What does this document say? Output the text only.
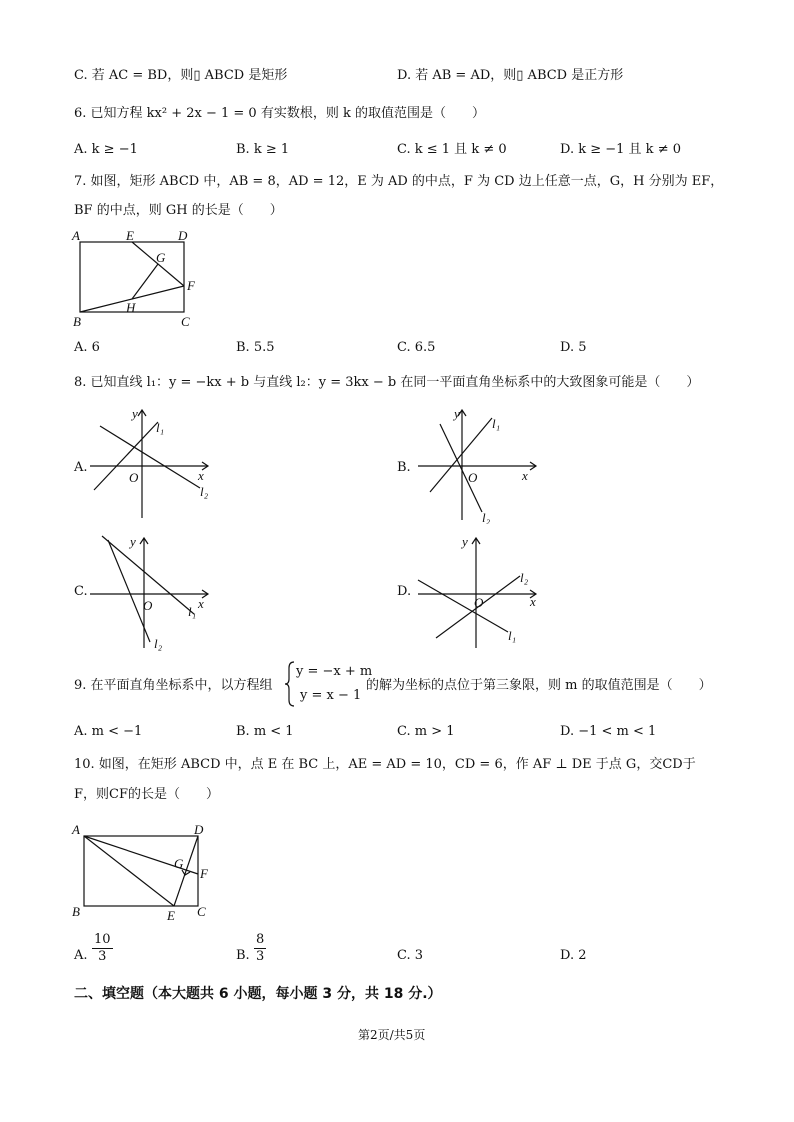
C. 若 AC = BD，则▯ ABCD 是矩形	D. 若 AB = AD，则▯ ABCD 是正方形
6. 已知方程 kx² + 2x − 1 = 0 有实数根，则 k 的取值范围是（　　）
A. k ≥ −1	B. k ≥ 1	C. k ≤ 1 且 k ≠ 0	D. k ≥ −1 且 k ≠ 0
7. 如图，矩形 ABCD 中，AB = 8，AD = 12，E 为 AD 的中点，F 为 CD 边上任意一点，G，H 分别为 EF，
BF 的中点，则 GH 的长是（　　）
A	E	D
G
F
B
H
C
A. 6	B. 5.5	C. 6.5	D. 5
8. 已知直线 l₁：y = −kx + b 与直线 l₂：y = 3kx − b 在同一平面直角坐标系中的大致图象可能是（　　）
A.
y
x
O
l₁
l₂
B.
y
x
O
l₁
l₂
C.
y
x
O	l₁
l₂
D.
y
x
O
l₁
l₂
9. 在平面直角坐标系中，以方程组
y = −x + m
y = x − 1
的解为坐标的点位于第三象限，则 m 的取值范围是（　　）
A. m < −1	B. m < 1	C. m > 1	D. −1 < m < 1
10. 如图，在矩形 ABCD 中，点 E 在 BC 上，AE = AD = 10，CD = 6，作 AF ⊥ DE 于点 G，交CD于
F，则CF的长是（　　）
A	D
G
F
B	E C
A. $\frac{10}{3}$	B. $\frac{8}{3}$	C. 3	D. 2
二、填空题（本大题共 6 小题，每小题 3 分，共 18 分.）
第2页/共5页
